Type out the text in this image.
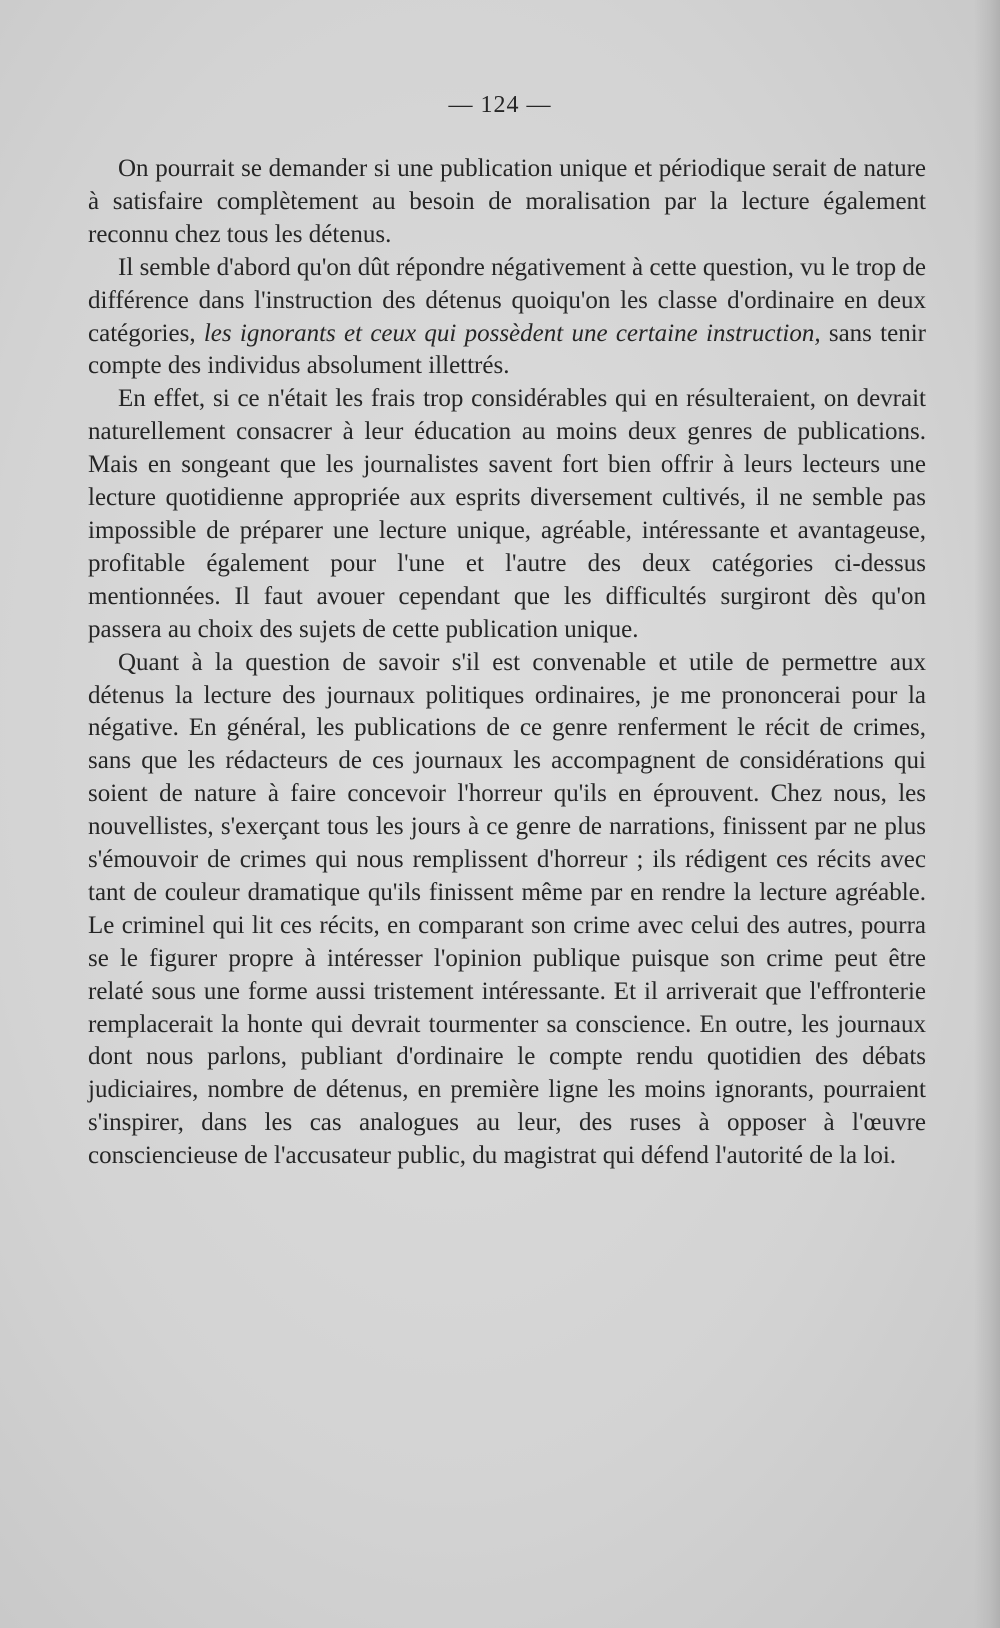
— 124 —

On pourrait se demander si une publication unique et périodique serait de nature à satisfaire complètement au besoin de moralisation par la lecture également reconnu chez tous les détenus.

Il semble d'abord qu'on dût répondre négativement à cette question, vu le trop de différence dans l'instruction des détenus quoiqu'on les classe d'ordinaire en deux catégories, les ignorants et ceux qui possèdent une certaine instruction, sans tenir compte des individus absolument illettrés.

En effet, si ce n'était les frais trop considérables qui en résulteraient, on devrait naturellement consacrer à leur éducation au moins deux genres de publications. Mais en songeant que les journalistes savent fort bien offrir à leurs lecteurs une lecture quotidienne appropriée aux esprits diversement cultivés, il ne semble pas impossible de préparer une lecture unique, agréable, intéressante et avantageuse, profitable également pour l'une et l'autre des deux catégories ci-dessus mentionnées. Il faut avouer cependant que les difficultés surgiront dès qu'on passera au choix des sujets de cette publication unique.

Quant à la question de savoir s'il est convenable et utile de permettre aux détenus la lecture des journaux politiques ordinaires, je me prononcerai pour la négative. En général, les publications de ce genre renferment le récit de crimes, sans que les rédacteurs de ces journaux les accompagnent de considérations qui soient de nature à faire concevoir l'horreur qu'ils en éprouvent. Chez nous, les nouvellistes, s'exerçant tous les jours à ce genre de narrations, finissent par ne plus s'émouvoir de crimes qui nous remplissent d'horreur ; ils rédigent ces récits avec tant de couleur dramatique qu'ils finissent même par en rendre la lecture agréable. Le criminel qui lit ces récits, en comparant son crime avec celui des autres, pourra se le figurer propre à intéresser l'opinion publique puisque son crime peut être relaté sous une forme aussi tristement intéressante. Et il arriverait que l'effronterie remplacerait la honte qui devrait tourmenter sa conscience. En outre, les journaux dont nous parlons, publiant d'ordinaire le compte rendu quotidien des débats judiciaires, nombre de détenus, en première ligne les moins ignorants, pourraient s'inspirer, dans les cas analogues au leur, des ruses à opposer à l'œuvre consciencieuse de l'accusateur public, du magistrat qui défend l'autorité de la loi.
